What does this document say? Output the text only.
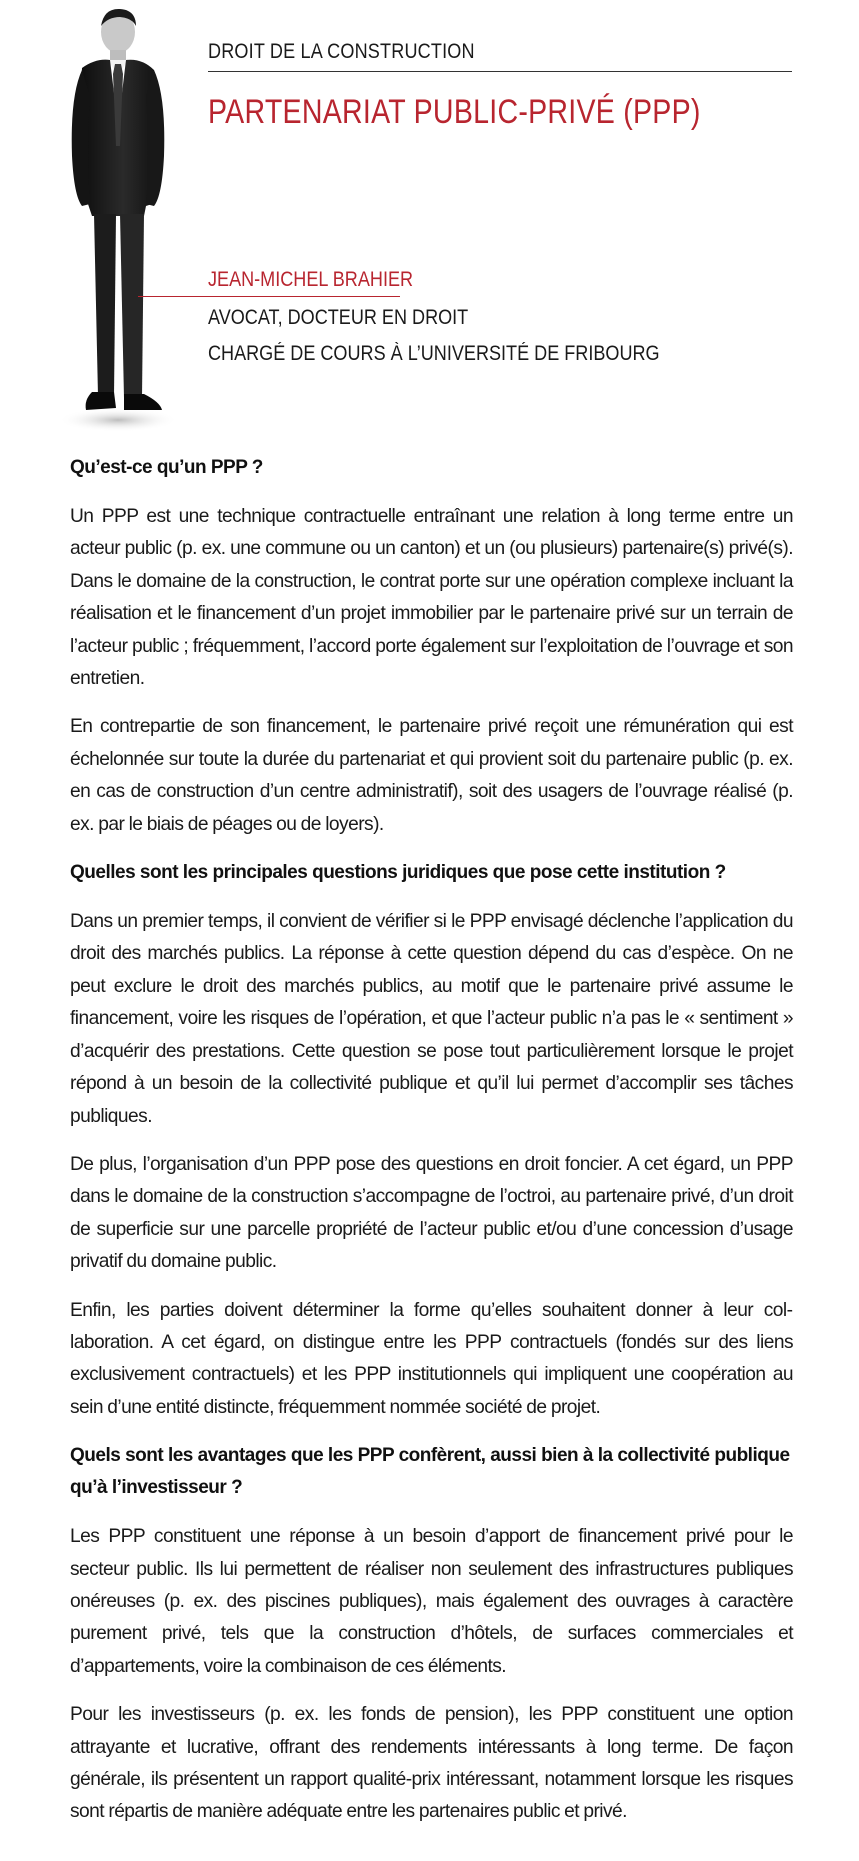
DROIT DE LA CONSTRUCTION
PARTENARIAT PUBLIC-PRIVÉ (PPP)
JEAN-MICHEL BRAHIER
AVOCAT, DOCTEUR EN DROIT
CHARGÉ DE COURS À L’UNIVERSITÉ DE FRIBOURG
Qu’est-ce qu’un PPP ?

Un PPP est une technique contractuelle entraînant une relation à long terme entre un acteur public (p. ex. une commune ou un canton) et un (ou plusieurs) partenaire(s) privé(s). Dans le domaine de la construction, le contrat porte sur une opération complexe incluant la réalisation et le financement d’un projet immobilier par le partenaire privé sur un terrain de l’acteur public ; fréquemment, l’accord porte également sur l’exploitation de l’ouvrage et son entretien.

En contrepartie de son financement, le partenaire privé reçoit une rémunération qui est échelonnée sur toute la durée du partenariat et qui provient soit du partenaire public (p. ex. en cas de construction d’un centre administratif), soit des usagers de l’ouvrage réalisé (p. ex. par le biais de péages ou de loyers).

Quelles sont les principales questions juridiques que pose cette institution ?

Dans un premier temps, il convient de vérifier si le PPP envisagé déclenche l’application du droit des marchés publics. La réponse à cette question dépend du cas d’espèce. On ne peut exclure le droit des marchés publics, au motif que le partenaire privé assume le financement, voire les risques de l’opération, et que l’acteur public n’a pas le « sentiment » d’acquérir des prestations. Cette question se pose tout particulièrement lorsque le projet répond à un besoin de la collectivité publique et qu’il lui permet d’accomplir ses tâches publiques.

De plus, l’organisation d’un PPP pose des questions en droit foncier. A cet égard, un PPP dans le domaine de la construction s’accompagne de l’octroi, au partenaire privé, d’un droit de superficie sur une parcelle propriété de l’acteur public et/ou d’une concession d’usage privatif du domaine public.

Enfin, les parties doivent déterminer la forme qu’elles souhaitent donner à leur collaboration. A cet égard, on distingue entre les PPP contractuels (fondés sur des liens exclusivement contractuels) et les PPP institutionnels qui impliquent une coopération au sein d’une entité distincte, fréquemment nommée société de projet.

Quels sont les avantages que les PPP confèrent, aussi bien à la collectivité publique qu’à l’investisseur ?

Les PPP constituent une réponse à un besoin d’apport de financement privé pour le secteur public. Ils lui permettent de réaliser non seulement des infrastructures publiques onéreuses (p. ex. des piscines publiques), mais également des ouvrages à caractère purement privé, tels que la construction d’hôtels, de surfaces commerciales et d’appartements, voire la combinaison de ces éléments.

Pour les investisseurs (p. ex. les fonds de pension), les PPP constituent une option attrayante et lucrative, offrant des rendements intéressants à long terme. De façon générale, ils présentent un rapport qualité-prix intéressant, notamment lorsque les risques sont répartis de manière adéquate entre les partenaires public et privé.
